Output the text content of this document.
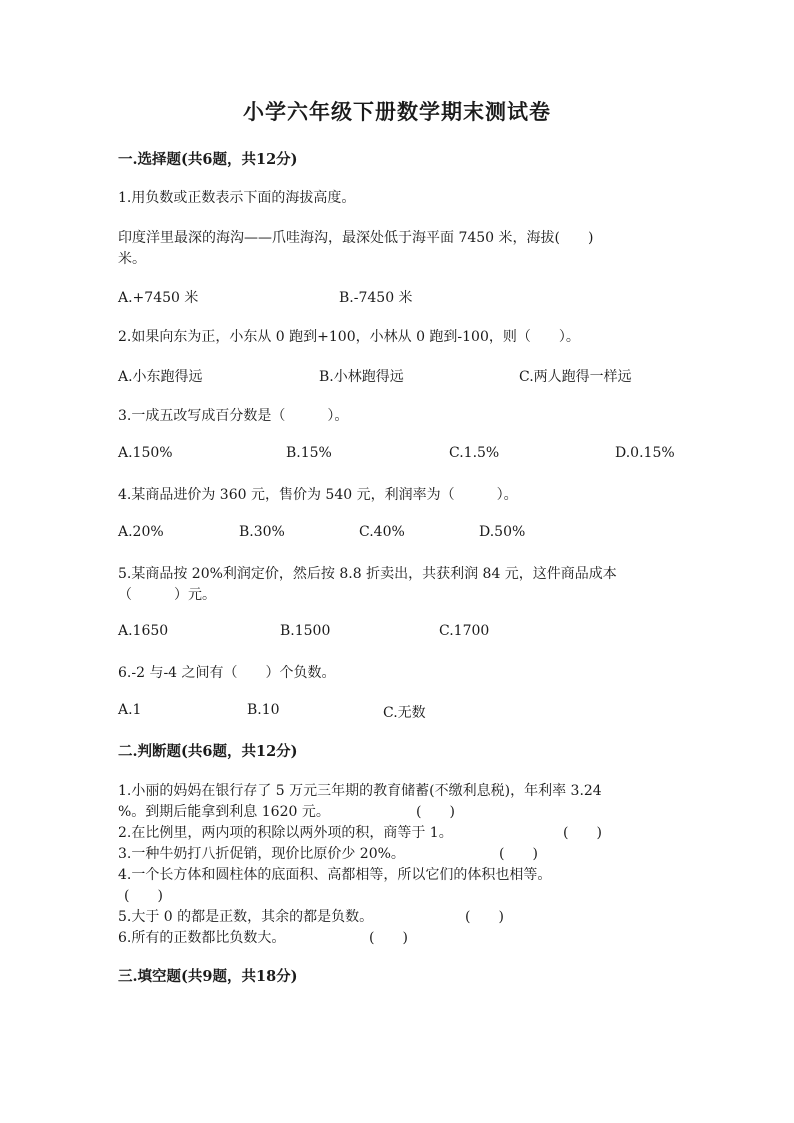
小学六年级下册数学期末测试卷
一.选择题(共6题，共12分)
1.用负数或正数表示下面的海拔高度。
印度洋里最深的海沟——爪哇海沟，最深处低于海平面 7450 米，海拔(　　)
米。
A.+7450 米	B.-7450 米
2.如果向东为正，小东从 0 跑到+100，小林从 0 跑到-100，则（　　）。
A.小东跑得远	B.小林跑得远	C.两人跑得一样远
3.一成五改写成百分数是（　　　）。
A.150%	B.15%	C.1.5%	D.0.15%
4.某商品进价为 360 元，售价为 540 元，利润率为（　　　）。
A.20%	B.30%	C.40%	D.50%
5.某商品按 20%利润定价，然后按 8.8 折卖出，共获利润 84 元，这件商品成本
（　　　）元。
A.1650	B.1500	C.1700
6.-2 与-4 之间有（　　）个负数。
A.1	B.10	C.无数
二.判断题(共6题，共12分)
1.小丽的妈妈在银行存了 5 万元三年期的教育储蓄(不缴利息税)，年利率 3.24
%。到期后能拿到利息 1620 元。	(　　)
2.在比例里，两内项的积除以两外项的积，商等于 1。	(　　)
3.一种牛奶打八折促销，现价比原价少 20%。	(　　)
4.一个长方体和圆柱体的底面积、高都相等，所以它们的体积也相等。
(　　)
5.大于 0 的都是正数，其余的都是负数。	(　　)
6.所有的正数都比负数大。	(　　)
三.填空题(共9题，共18分)
